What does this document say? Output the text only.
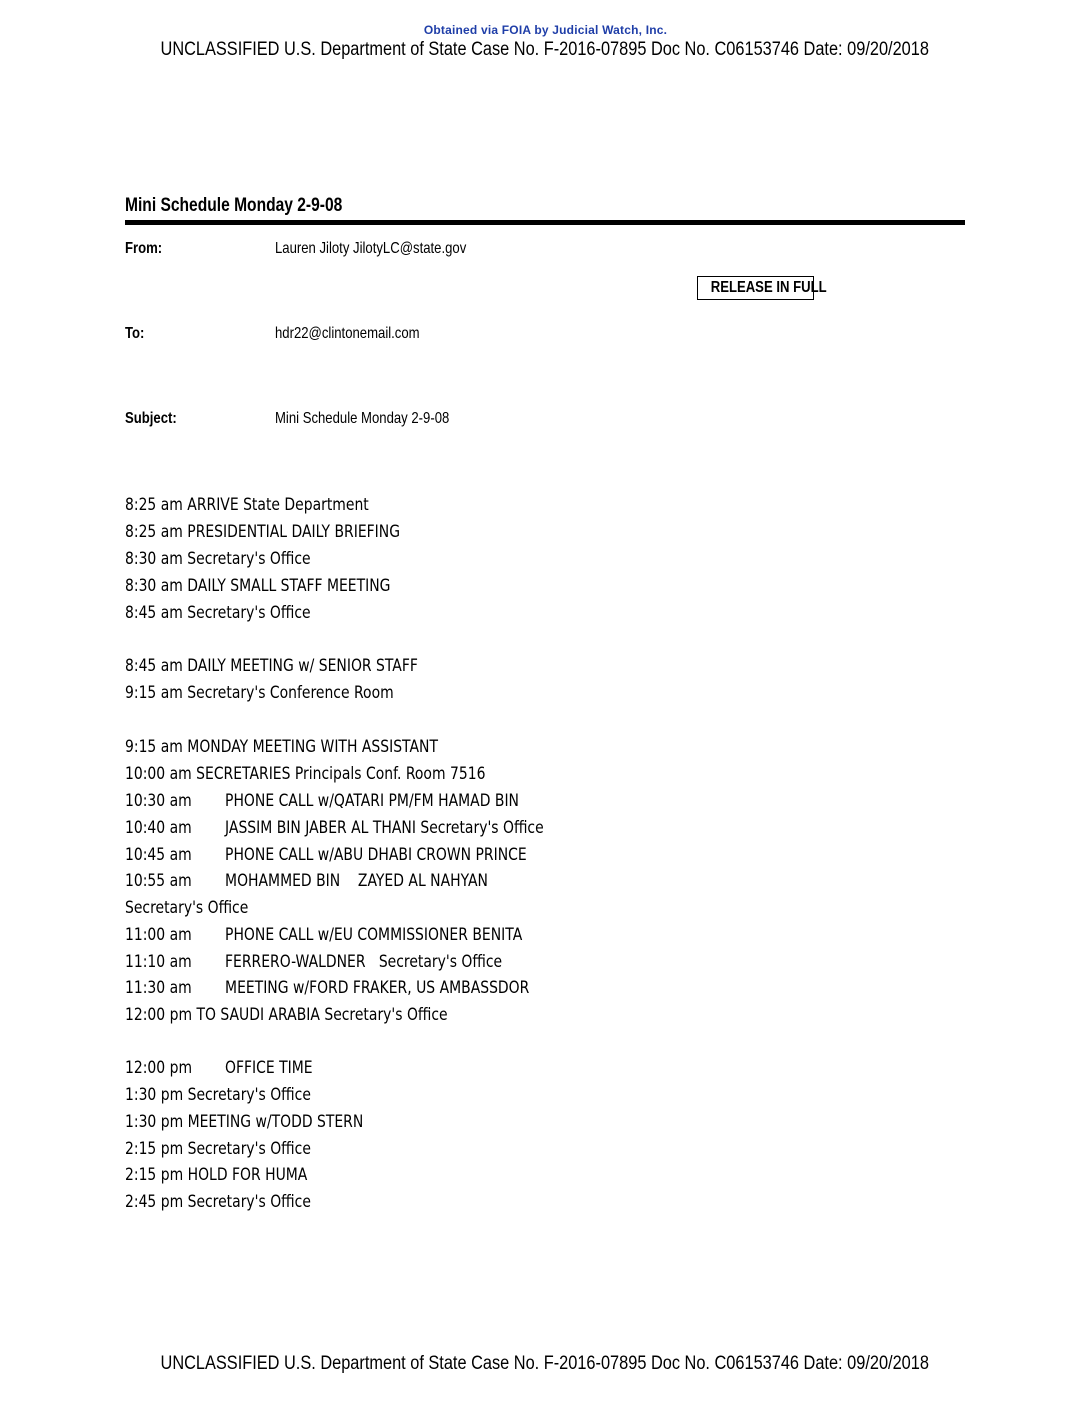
Obtained via FOIA by Judicial Watch, Inc.
UNCLASSIFIED U.S. Department of State Case No. F-2016-07895 Doc No. C06153746 Date: 09/20/2018
Mini Schedule Monday 2-9-08
From:	Lauren Jiloty JilotyLC@state.gov
RELEASE IN FULL
To:	hdr22@clintonemail.com
Subject:	Mini Schedule Monday 2-9-08
8:25 am ARRIVE State Department
8:25 am PRESIDENTIAL DAILY BRIEFING
8:30 am Secretary's Office
8:30 am DAILY SMALL STAFF MEETING
8:45 am Secretary's Office
8:45 am DAILY MEETING w/ SENIOR STAFF
9:15 am Secretary's Conference Room
9:15 am MONDAY MEETING WITH ASSISTANT
10:00 am SECRETARIES Principals Conf. Room 7516
10:30 am PHONE CALL w/QATARI PM/FM HAMAD BIN
10:40 am JASSIM BIN JABER AL THANI Secretary's Office
10:45 am PHONE CALL w/ABU DHABI CROWN PRINCE
10:55 am MOHAMMED BIN    ZAYED AL NAHYAN
Secretary's Office
11:00 am PHONE CALL w/EU COMMISSIONER BENITA
11:10 am FERRERO-WALDNER   Secretary's Office
11:30 am MEETING w/FORD FRAKER, US AMBASSDOR
12:00 pm TO SAUDI ARABIA Secretary's Office
12:00 pm OFFICE TIME
1:30 pm Secretary's Office
1:30 pm MEETING w/TODD STERN
2:15 pm Secretary's Office
2:15 pm HOLD FOR HUMA
2:45 pm Secretary's Office
UNCLASSIFIED U.S. Department of State Case No. F-2016-07895 Doc No. C06153746 Date: 09/20/2018
